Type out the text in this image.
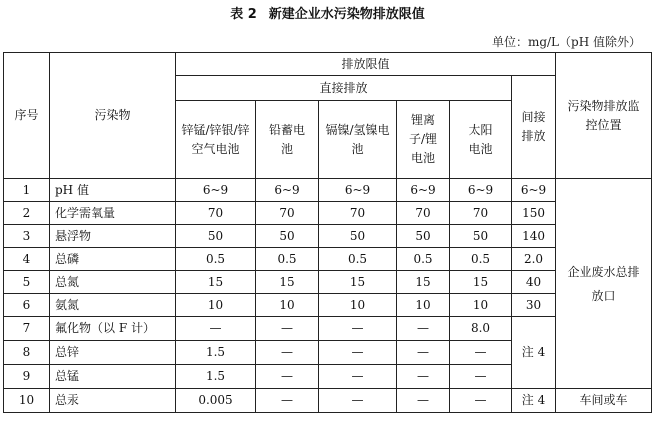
表 2 新建企业水污染物排放限值
单位：mg/L（pH 值除外）
序号	污染物	排放限值						污染物排放监控位置
		直接排放					间接排放	
		锌锰/锌银/锌空气电池	铅蓄电池	镉镍/氢镍电池	锂离子/锂电池	太阳电池		
1	pH 值	6~9	6~9	6~9	6~9	6~9	6~9	企业废水总排放口
2	化学需氧量	70	70	70	70	70	150	
3	悬浮物	50	50	50	50	50	140	
4	总磷	0.5	0.5	0.5	0.5	0.5	2.0	
5	总氮	15	15	15	15	15	40	
6	氨氮	10	10	10	10	10	30	
7	氟化物（以 F 计）	—	—	—	—	8.0	注 4	
8	总锌	1.5	—	—	—	—		
9	总锰	1.5	—	—	—	—		
10	总汞	0.005	—	—	—	—	注 4	车间或车
